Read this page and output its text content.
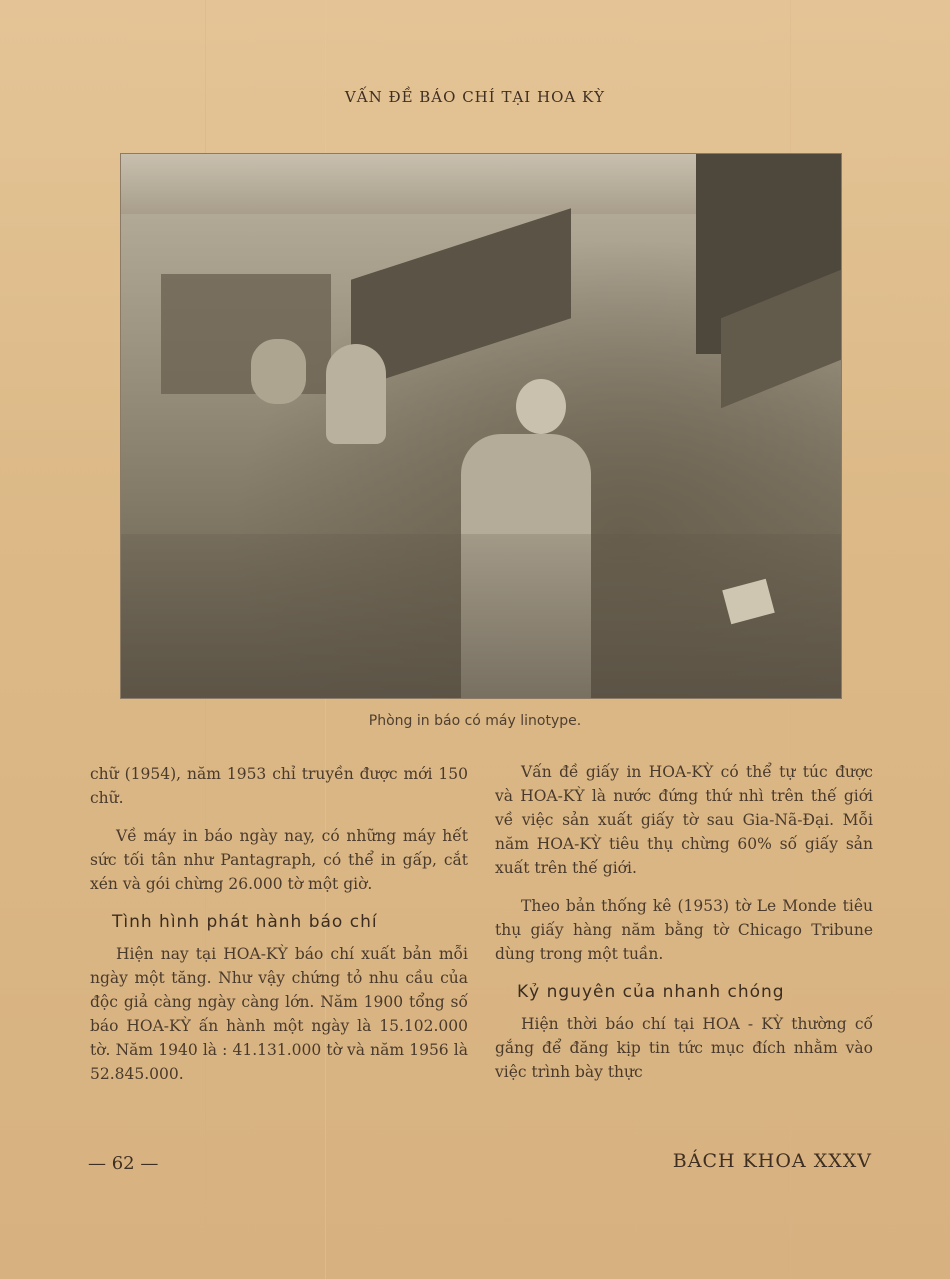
VẤN ĐỀ BÁO CHÍ TẠI HOA KỲ
Phòng in báo có máy linotype.

chữ (1954), năm 1953 chỉ truyền được mới 150 chữ.

Về máy in báo ngày nay, có những máy hết sức tối tân như Pantagraph, có thể in gấp, cắt xén và gói chừng 26.000 tờ một giờ.

Tình hình phát hành báo chí

Hiện nay tại HOA-KỲ báo chí xuất bản mỗi ngày một tăng. Như vậy chứng tỏ nhu cầu của độc giả càng ngày càng lớn. Năm 1900 tổng số báo HOA-KỲ ấn hành một ngày là 15.102.000 tờ. Năm 1940 là : 41.131.000 tờ và năm 1956 là 52.845.000.

Vấn đề giấy in HOA-KỲ có thể tự túc được và HOA-KỲ là nước đứng thứ nhì trên thế giới về việc sản xuất giấy tờ sau Gia-Nã-Đại. Mỗi năm HOA-KỲ tiêu thụ chừng 60% số giấy sản xuất trên thế giới.

Theo bản thống kê (1953) tờ Le Monde tiêu thụ giấy hàng năm bằng tờ Chicago Tribune dùng trong một tuần.

Kỷ nguyên của nhanh chóng

Hiện thời báo chí tại HOA - KỲ thường cố gắng để đăng kịp tin tức mục đích nhằm vào việc trình bày thực

— 62 —	BÁCH KHOA XXXV
